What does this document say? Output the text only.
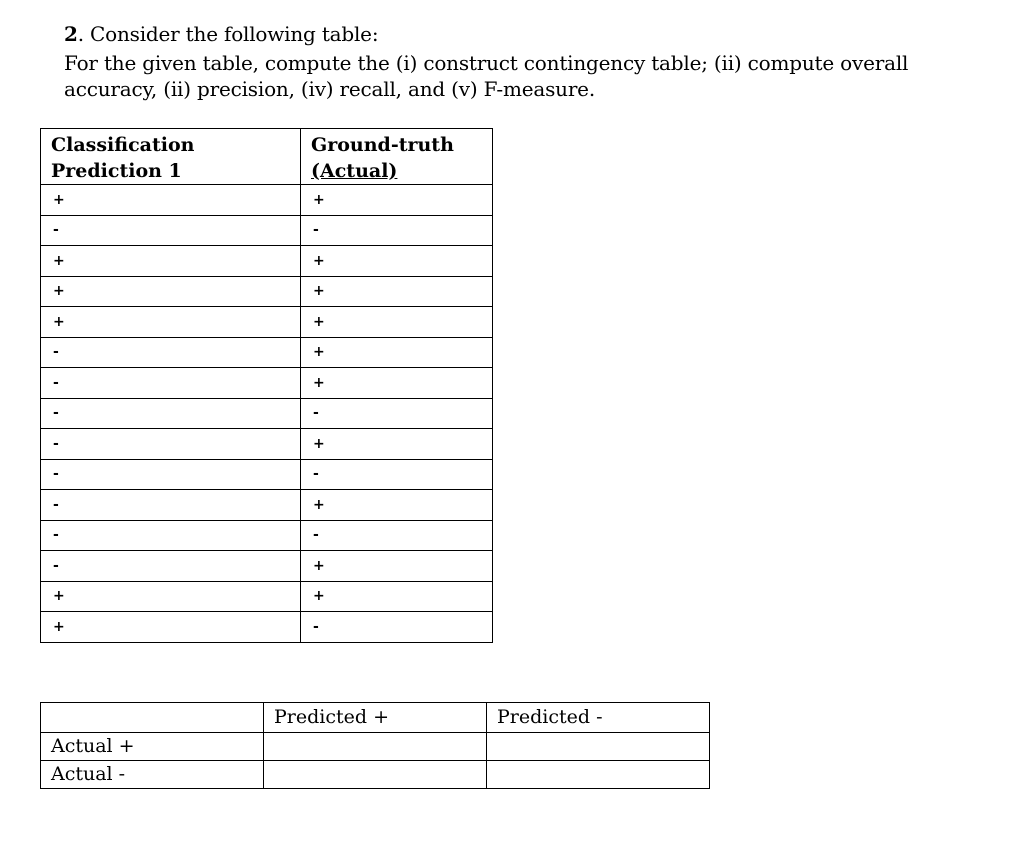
2. Consider the following table:
For the given table, compute the (i) construct contingency table; (ii) compute overall accuracy, (ii) precision, (iv) recall, and (v) F-measure.
Classification
Prediction 1	Ground-truth
(Actual)
+	+
-	-
+	+
+	+
+	+
-	+
-	+
-	-
-	+
-	-
-	+
-	-
-	+
+	+
+	-
	Predicted +	Predicted -
Actual +		
Actual -		
